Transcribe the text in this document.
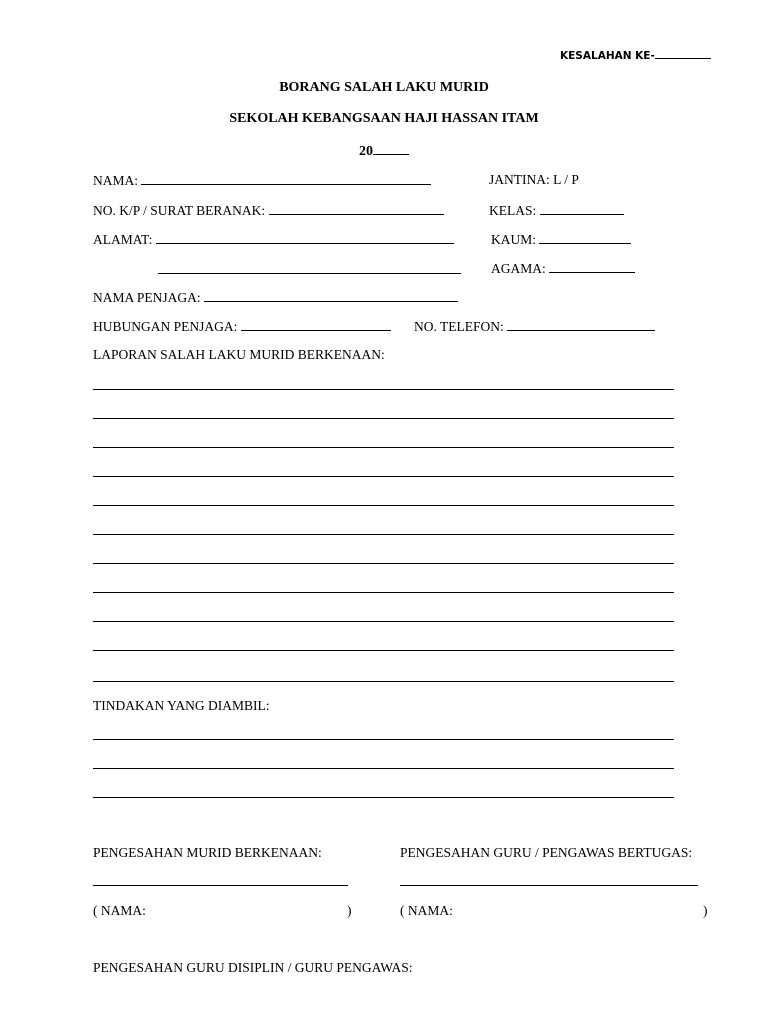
KESALAHAN KE-
BORANG SALAH LAKU MURID
SEKOLAH KEBANGSAAN HAJI HASSAN ITAM
20
NAMA:	JANTINA: L / P
NO. K/P / SURAT BERANAK:	KELAS:
ALAMAT:	KAUM:
AGAMA:
NAMA PENJAGA:
HUBUNGAN PENJAGA:	NO. TELEFON:
LAPORAN SALAH LAKU MURID BERKENAAN:
TINDAKAN YANG DIAMBIL:
PENGESAHAN MURID BERKENAAN:	PENGESAHAN GURU / PENGAWAS BERTUGAS:
( NAMA:	)	( NAMA:	)
PENGESAHAN GURU DISIPLIN / GURU PENGAWAS:
